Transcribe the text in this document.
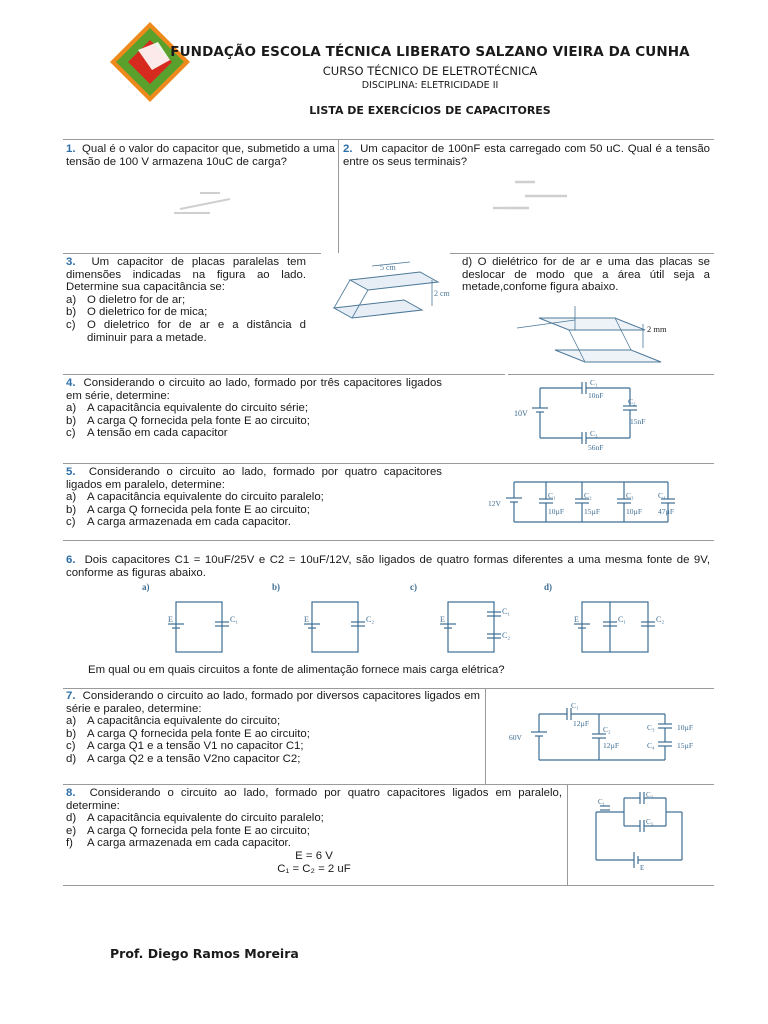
FUNDAÇÃO ESCOLA TÉCNICA LIBERATO SALZANO VIEIRA DA CUNHA
CURSO TÉCNICO DE ELETROTÉCNICA
DISCIPLINA: ELETRICIDADE II
LISTA DE EXERCÍCIOS DE CAPACITORES
1. Qual é o valor do capacitor que, submetido a uma tensão de 100 V armazena 10uC de carga?
2. Um capacitor de 100nF esta carregado com 50 uC. Qual é a tensão entre os seus terminais?
3. Um capacitor de placas paralelas tem dimensões indicadas na figura ao lado. Determine sua capacitância se:
a) O dieletro for de ar;
b) O dieletrico for de mica;
c)	O dieletrico for de ar e a distância d diminuir para a metade.
5 cm
2 cm
d) O dielétrico for de ar e uma das placas se deslocar de modo que a área útil seja a metade,confome figura abaixo.
2 mm
4. Considerando o circuito ao lado, formado por três capacitores ligados em série, determine:
a) A capacitância equivalente do circuito série;
b) A carga Q fornecida pela fonte E ao circuito;
c)	A tensão em cada capacitor
10V
C₁
10nF
C₂
15nF
C₃
56nF
5. Considerando o circuito ao lado, formado por quatro capacitores ligados em paralelo, determine:
a) A capacitância equivalente do circuito paralelo;
b) A carga Q fornecida pela fonte E ao circuito;
c)	A carga armazenada em cada capacitor.
12V
C₁
10µF
C₂
15µF
C₃
10µF
C₄
47µF
6. Dois capacitores C1 = 10uF/25V e C2 = 10uF/12V, são ligados de quatro formas diferentes a uma mesma fonte de 9V, conforme as figuras abaixo.
a)	b)	c)	d)
E	C₁	E	C₂	E
C₁
C₂
E	C₁	C₂
Em qual ou em quais circuitos a fonte de alimentação fornece mais carga elétrica?
7. Considerando o circuito ao lado, formado por diversos capacitores ligados em série e paraleo, determine:
a) A capacitância equivalente do circuito;
b) A carga Q fornecida pela fonte E ao circuito;
c)	A carga Q1 e a tensão V1 no capacitor C1;
d) A carga Q2 e a tensão V2no capacitor C2;
60V
C₁
12µF
C₂
12µF
C₃	10µF
C₄	15µF
8. Considerando o circuito ao lado, formado por quatro capacitores ligados em paralelo, determine:
d) A capacitância equivalente do circuito paralelo;
e) A carga Q fornecida pela fonte E ao circuito;
f)	A carga armazenada em cada capacitor.
E = 6 V
C₁ = C₂ = 2 uF
C₁
C₂
C₃
E
Prof. Diego Ramos Moreira
